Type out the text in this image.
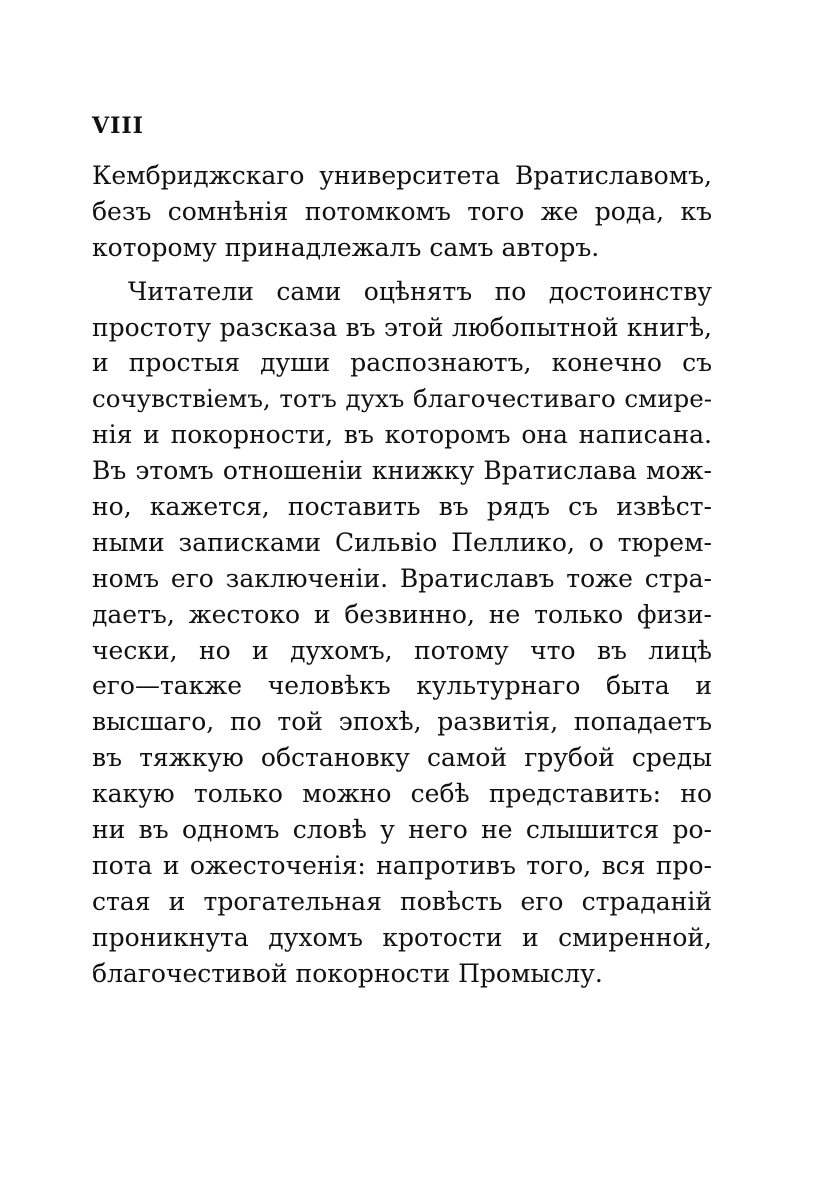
VIII
Кембриджскаго университета Вратиславомъ,
безъ сомнѣнія потомкомъ того же рода, къ
которому принадлежалъ самъ авторъ.
Читатели сами оцѣнятъ по достоинству
простоту разсказа въ этой любопытной книгѣ,
и простыя души распознаютъ, конечно съ
сочувствіемъ, тотъ духъ благочестиваго смире-
нія и покорности, въ которомъ она написана.
Въ этомъ отношеніи книжку Вратислава мож-
но, кажется, поставить въ рядъ съ извѣст-
ными записками Сильвіо Пеллико, о тюрем-
номъ его заключеніи. Вратиславъ тоже стра-
даетъ, жестоко и безвинно, не только физи-
чески, но и духомъ, потому что въ лицѣ
его—также человѣкъ культурнаго быта и
высшаго, по той эпохѣ, развитія, попадаетъ
въ тяжкую обстановку самой грубой среды
какую только можно себѣ представить: но
ни въ одномъ словѣ у него не слышится ро-
пота и ожесточенія: напротивъ того, вся про-
стая и трогательная повѣсть его страданій
проникнута духомъ кротости и смиренной,
благочестивой покорности Промыслу.
